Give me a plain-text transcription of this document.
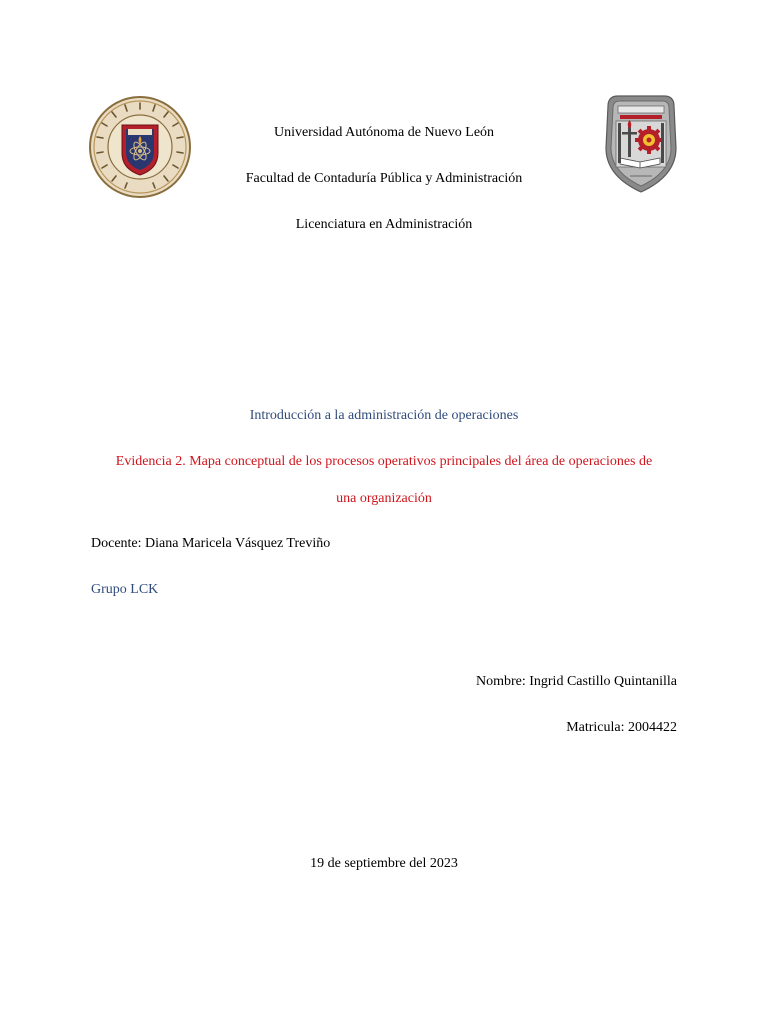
Universidad Autónoma de Nuevo León
Facultad de Contaduría Pública y Administración
Licenciatura en Administración
Introducción a la administración de operaciones
Evidencia 2. Mapa conceptual de los procesos operativos principales del área de operaciones de
una organización
Docente: Diana Maricela Vásquez Treviño
Grupo LCK
Nombre: Ingrid Castillo Quintanilla
Matricula: 2004422
19 de septiembre del 2023
